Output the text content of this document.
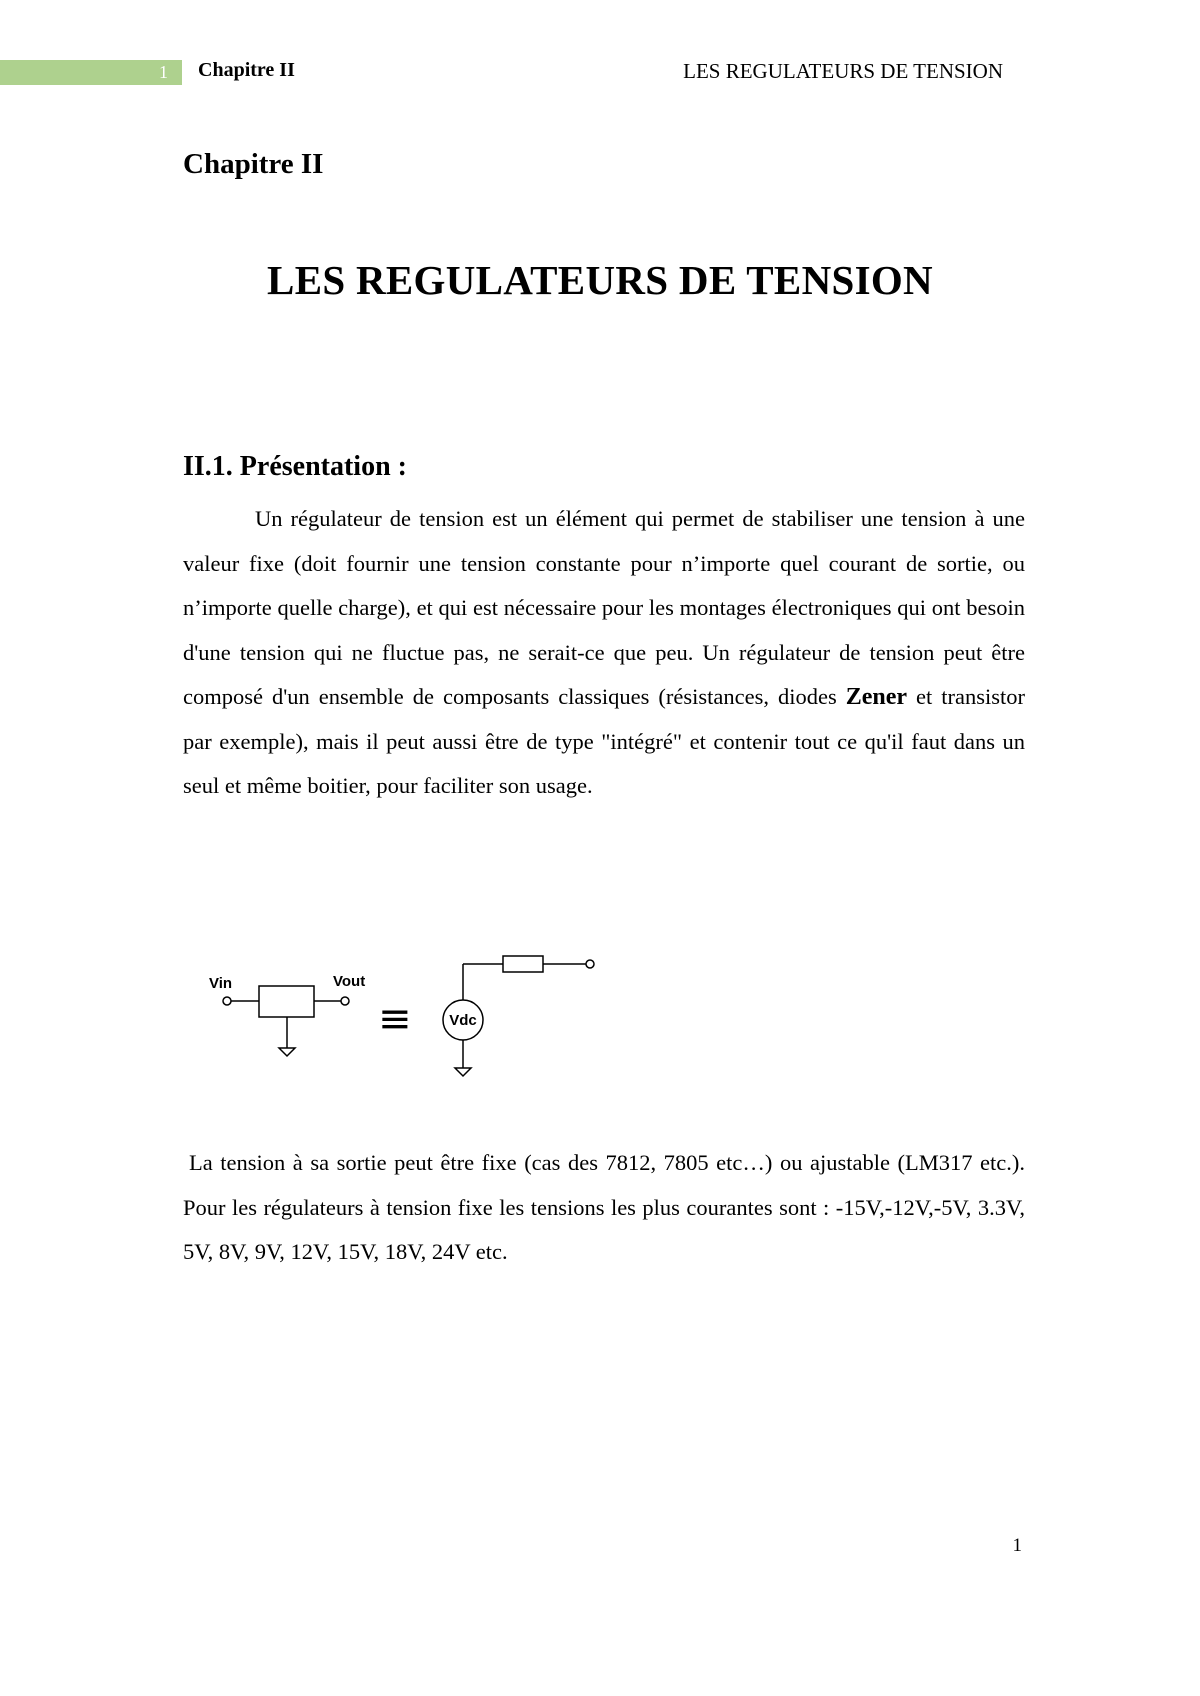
1 Chapitre II	LES REGULATEURS DE TENSION
Chapitre II
LES REGULATEURS DE TENSION
II.1. Présentation :

Un régulateur de tension est un élément qui permet de stabiliser une tension à une valeur fixe (doit fournir une tension constante pour n’importe quel courant de sortie, ou n’importe quelle charge), et qui est nécessaire pour les montages électroniques qui ont besoin d'une tension qui ne fluctue pas, ne serait-ce que peu. Un régulateur de tension peut être composé d'un ensemble de composants classiques (résistances, diodes Zener et transistor par exemple), mais il peut aussi être de type "intégré" et contenir tout ce qu'il faut dans un seul et même boitier, pour faciliter son usage.

Vin	Vout
≡	Vdc

La tension à sa sortie peut être fixe (cas des 7812, 7805 etc…) ou ajustable (LM317 etc.). Pour les régulateurs à tension fixe les tensions les plus courantes sont : -15V,-12V,-5V, 3.3V, 5V, 8V, 9V, 12V, 15V, 18V, 24V etc.

1
